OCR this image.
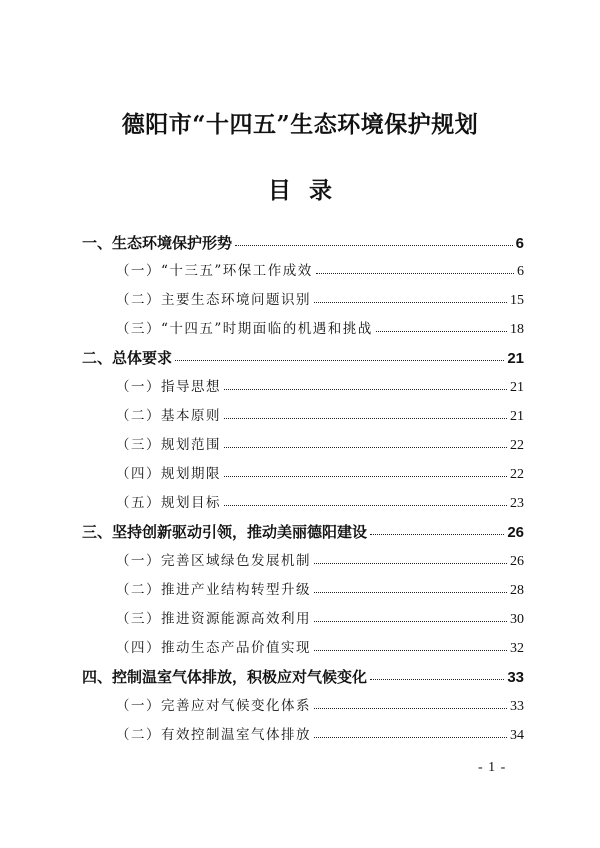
德阳市“十四五”生态环境保护规划
目录
一、生态环境保护形势	6
（一）“十三五”环保工作成效	6
（二）主要生态环境问题识别	15
（三）“十四五”时期面临的机遇和挑战	18
二、总体要求	21
（一）指导思想	21
（二）基本原则	21
（三）规划范围	22
（四）规划期限	22
（五）规划目标	23
三、坚持创新驱动引领，推动美丽德阳建设	26
（一）完善区域绿色发展机制	26
（二）推进产业结构转型升级	28
（三）推进资源能源高效利用	30
（四）推动生态产品价值实现	32
四、控制温室气体排放，积极应对气候变化	33
（一）完善应对气候变化体系	33
（二）有效控制温室气体排放	34
- 1 -
